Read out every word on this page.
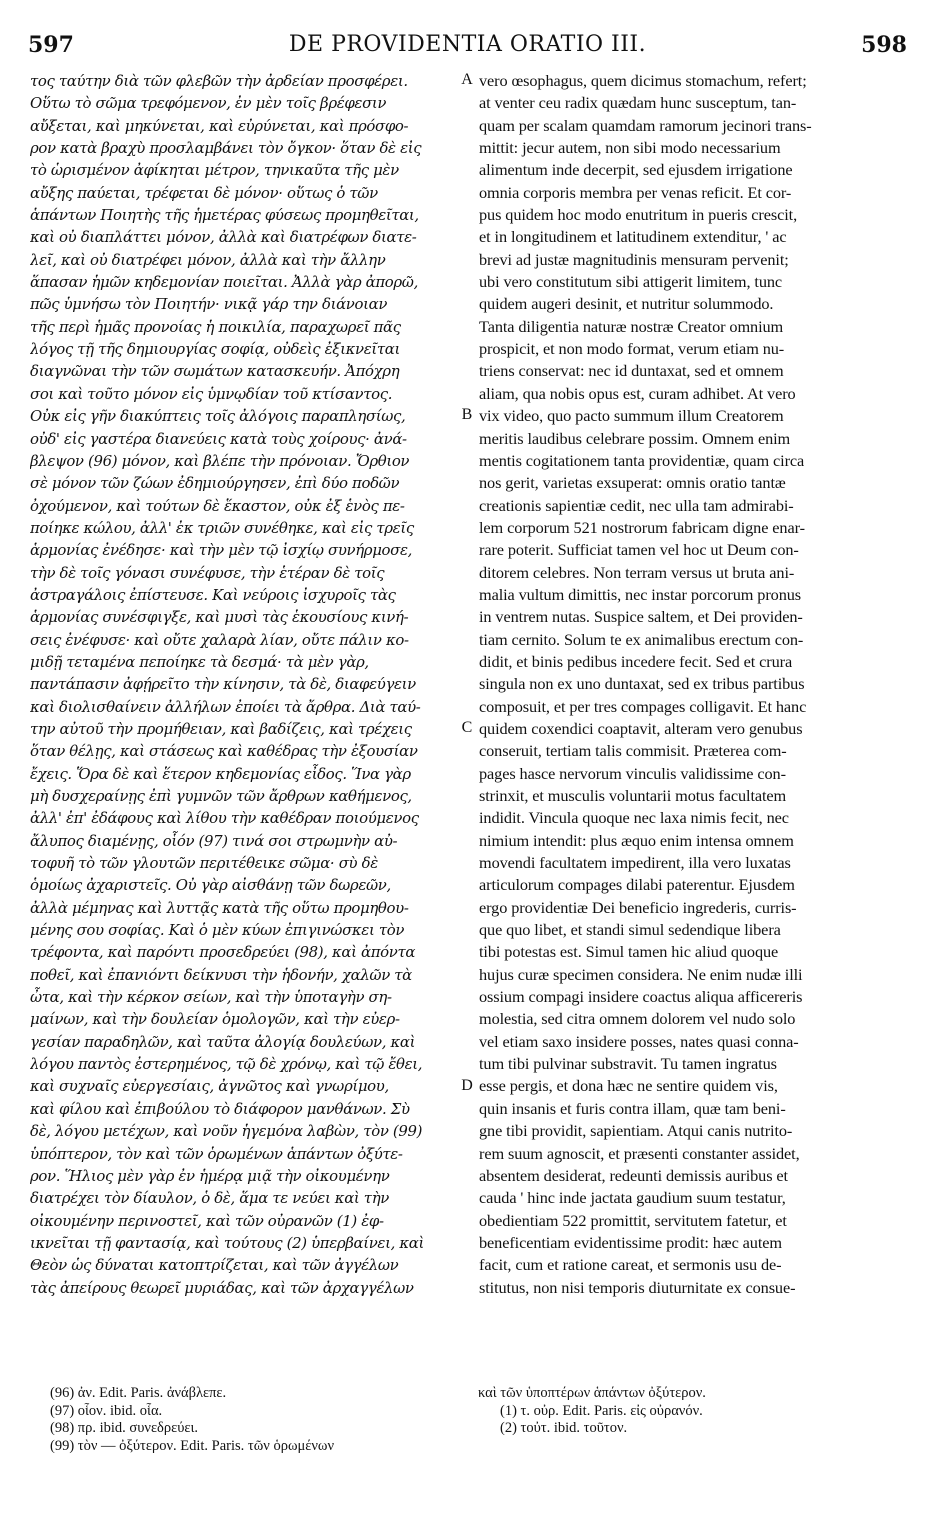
597	DE PROVIDENTIA ORATIO III.	598
τος ταύτην διὰ τῶν φλεβῶν τὴν ἀρδείαν προσφέρει.
Οὕτω τὸ σῶμα τρεφόμενον, ἐν μὲν τοῖς βρέφεσιν
αὔξεται, καὶ μηκύνεται, καὶ εὐρύνεται, καὶ πρόσφο-
ρον κατὰ βραχὺ προσλαμβάνει τὸν ὄγκον· ὅταν δὲ εἰς
τὸ ὡρισμένον ἀφίκηται μέτρον, τηνικαῦτα τῆς μὲν
αὔξης παύεται, τρέφεται δὲ μόνον· οὕτως ὁ τῶν
ἁπάντων Ποιητὴς τῆς ἡμετέρας φύσεως προμηθεῖται,
καὶ οὐ διαπλάττει μόνον, ἀλλὰ καὶ διατρέφων διατε-
λεῖ, καὶ οὐ διατρέφει μόνον, ἀλλὰ καὶ τὴν ἄλλην
ἅπασαν ἡμῶν κηδεμονίαν ποιεῖται. Ἀλλὰ γὰρ ἀπορῶ,
πῶς ὑμνήσω τὸν Ποιητήν· νικᾷ γάρ την διάνοιαν
τῆς περὶ ἡμᾶς προνοίας ἡ ποικιλία, παραχωρεῖ πᾶς
λόγος τῇ τῆς δημιουργίας σοφίᾳ, οὐδεὶς ἐξικνεῖται
διαγνῶναι τὴν τῶν σωμάτων κατασκευήν. Ἀπόχρη
σοι καὶ τοῦτο μόνον εἰς ὑμνῳδίαν τοῦ κτίσαντος.
Οὐκ εἰς γῆν διακύπτεις τοῖς ἀλόγοις παραπλησίως,
οὐδ' εἰς γαστέρα διανεύεις κατὰ τοὺς χοίρους· ἀνά-
βλεψον (96) μόνον, καὶ βλέπε τὴν πρόνοιαν. Ὄρθιον
σὲ μόνον τῶν ζώων ἐδημιούργησεν, ἐπὶ δύο ποδῶν
ὀχούμενον, καὶ τούτων δὲ ἕκαστον, οὐκ ἐξ ἑνὸς πε-
ποίηκε κώλου, ἀλλ' ἐκ τριῶν συνέθηκε, καὶ εἰς τρεῖς
ἁρμονίας ἐνέδησε· καὶ τὴν μὲν τῷ ἰσχίῳ συνήρμοσε,
τὴν δὲ τοῖς γόνασι συνέφυσε, τὴν ἑτέραν δὲ τοῖς
ἀστραγάλοις ἐπίστευσε. Καὶ νεύροις ἰσχυροῖς τὰς
ἁρμονίας συνέσφιγξε, καὶ μυσὶ τὰς ἑκουσίους κινή-
σεις ἐνέφυσε· καὶ οὔτε χαλαρὰ λίαν, οὔτε πάλιν κο-
μιδῇ τεταμένα πεποίηκε τὰ δεσμά· τὰ μὲν γὰρ,
παντάπασιν ἀφῄρεῖτο τὴν κίνησιν, τὰ δὲ, διαφεύγειν
καὶ διολισθαίνειν ἀλλήλων ἐποίει τὰ ἄρθρα. Διὰ ταύ-
την αὐτοῦ τὴν προμήθειαν, καὶ βαδίζεις, καὶ τρέχεις
ὅταν θέλῃς, καὶ στάσεως καὶ καθέδρας τὴν ἐξουσίαν
ἔχεις. Ὅρα δὲ καὶ ἕτερον κηδεμονίας εἶδος. Ἵνα γὰρ
μὴ δυσχεραίνῃς ἐπὶ γυμνῶν τῶν ἄρθρων καθήμενος,
ἀλλ' ἐπ' ἐδάφους καὶ λίθου τὴν καθέδραν ποιούμενος
ἄλυπος διαμένῃς, οἷόν (97) τινά σοι στρωμνὴν αὐ-
τοφυῆ τὸ τῶν γλουτῶν περιτέθεικε σῶμα· σὺ δὲ
ὁμοίως ἀχαριστεῖς. Οὐ γὰρ αἰσθάνῃ τῶν δωρεῶν,
ἀλλὰ μέμηνας καὶ λυττᾷς κατὰ τῆς οὕτω προμηθου-
μένης σου σοφίας. Καὶ ὁ μὲν κύων ἐπιγινώσκει τὸν
τρέφοντα, καὶ παρόντι προσεδρεύει (98), καὶ ἀπόντα
ποθεῖ, καὶ ἐπανιόντι δείκνυσι τὴν ἡδονήν, χαλῶν τὰ
ὦτα, καὶ τὴν κέρκον σείων, καὶ τὴν ὑποταγὴν ση-
μαίνων, καὶ τὴν δουλείαν ὁμολογῶν, καὶ τὴν εὐερ-
γεσίαν παραδηλῶν, καὶ ταῦτα ἀλογίᾳ δουλεύων, καὶ
λόγου παντὸς ἐστερημένος, τῷ δὲ χρόνῳ, καὶ τῷ ἔθει,
καὶ συχναῖς εὐεργεσίαις, ἀγνῶτος καὶ γνωρίμου,
καὶ φίλου καὶ ἐπιβούλου τὸ διάφορον μανθάνων. Σὺ
δὲ, λόγου μετέχων, καὶ νοῦν ἡγεμόνα λαβὼν, τὸν (99)
ὑπόπτερον, τὸν καὶ τῶν ὁρωμένων ἁπάντων ὀξύτε-
ρον. Ἥλιος μὲν γὰρ ἐν ἡμέρᾳ μιᾷ τὴν οἰκουμένην
διατρέχει τὸν δίαυλον, ὁ δὲ, ἅμα τε νεύει καὶ τὴν
οἰκουμένην περινοστεῖ, καὶ τῶν οὐρανῶν (1) ἐφ-
ικνεῖται τῇ φαντασίᾳ, καὶ τούτους (2) ὑπερβαίνει, καὶ
Θεὸν ὡς δύναται κατοπτρίζεται, καὶ τῶν ἀγγέλων
τὰς ἀπείρους θεωρεῖ μυριάδας, καὶ τῶν ἀρχαγγέλων
vero œsophagus, quem dicimus stomachum, refert;
at venter ceu radix quædam hunc susceptum, tan-
quam per scalam quamdam ramorum jecinori trans-
mittit: jecur autem, non sibi modo necessarium
alimentum inde decerpit, sed ejusdem irrigatione
omnia corporis membra per venas reficit. Et cor-
pus quidem hoc modo enutritum in pueris crescit,
et in longitudinem et latitudinem extenditur, ' ac
brevi ad justæ magnitudinis mensuram pervenit;
ubi vero constitutum sibi attigerit limitem, tunc
quidem augeri desinit, et nutritur solummodo.
Tanta diligentia naturæ nostræ Creator omnium
prospicit, et non modo format, verum etiam nu-
triens conservat: nec id duntaxat, sed et omnem
aliam, qua nobis opus est, curam adhibet. At vero
vix video, quo pacto summum illum Creatorem
meritis laudibus celebrare possim. Omnem enim
mentis cogitationem tanta providentiæ, quam circa
nos gerit, varietas exsuperat: omnis oratio tantæ
creationis sapientiæ cedit, nec ulla tam admirabi-
lem corporum 521 nostrorum fabricam digne enar-
rare poterit. Sufficiat tamen vel hoc ut Deum con-
ditorem celebres. Non terram versus ut bruta ani-
malia vultum dimittis, nec instar porcorum pronus
in ventrem nutas. Suspice saltem, et Dei providen-
tiam cernito. Solum te ex animalibus erectum con-
didit, et binis pedibus incedere fecit. Sed et crura
singula non ex uno duntaxat, sed ex tribus partibus
composuit, et per tres compages colligavit. Et hanc
quidem coxendici coaptavit, alteram vero genubus
conseruit, tertiam talis commisit. Præterea com-
pages hasce nervorum vinculis validissime con-
strinxit, et musculis voluntarii motus facultatem
indidit. Vincula quoque nec laxa nimis fecit, nec
nimium intendit: plus æquo enim intensa omnem
movendi facultatem impedirent, illa vero luxatas
articulorum compages dilabi paterentur. Ejusdem
ergo providentiæ Dei beneficio ingrederis, curris-
que quo libet, et standi simul sedendique libera
tibi potestas est. Simul tamen hic aliud quoque
hujus curæ specimen considera. Ne enim nudæ illi
ossium compagi insidere coactus aliqua afficereris
molestia, sed citra omnem dolorem vel nudo solo
vel etiam saxo insidere posses, nates quasi conna-
tum tibi pulvinar substravit. Tu tamen ingratus
esse pergis, et dona hæc ne sentire quidem vis,
quin insanis et furis contra illam, quæ tam beni-
gne tibi providit, sapientiam. Atqui canis nutrito-
rem suum agnoscit, et præsenti constanter assidet,
absentem desiderat, redeunti demissis auribus et
cauda ' hinc inde jactata gaudium suum testatur,
obedientiam 522 promittit, servitutem fatetur, et
beneficentiam evidentissime prodit: hæc autem
facit, cum et ratione careat, et sermonis usu de-
stitutus, non nisi temporis diuturnitate ex consue-
A
B
C
D
(96) ἀν. Edit. Paris. ἀνάβλεπε.
(97) οἷον. ibid. οἷα.
(98) πρ. ibid. συνεδρεύει.
(99) τὸν — ὀξύτερον. Edit. Paris. τῶν ὁρωμένων
καὶ τῶν ὑποπτέρων ἁπάντων ὀξύτερον.
(1) τ. οὐρ. Edit. Paris. εἰς οὐρανόν.
(2) τοὐτ. ibid. τοῦτον.
